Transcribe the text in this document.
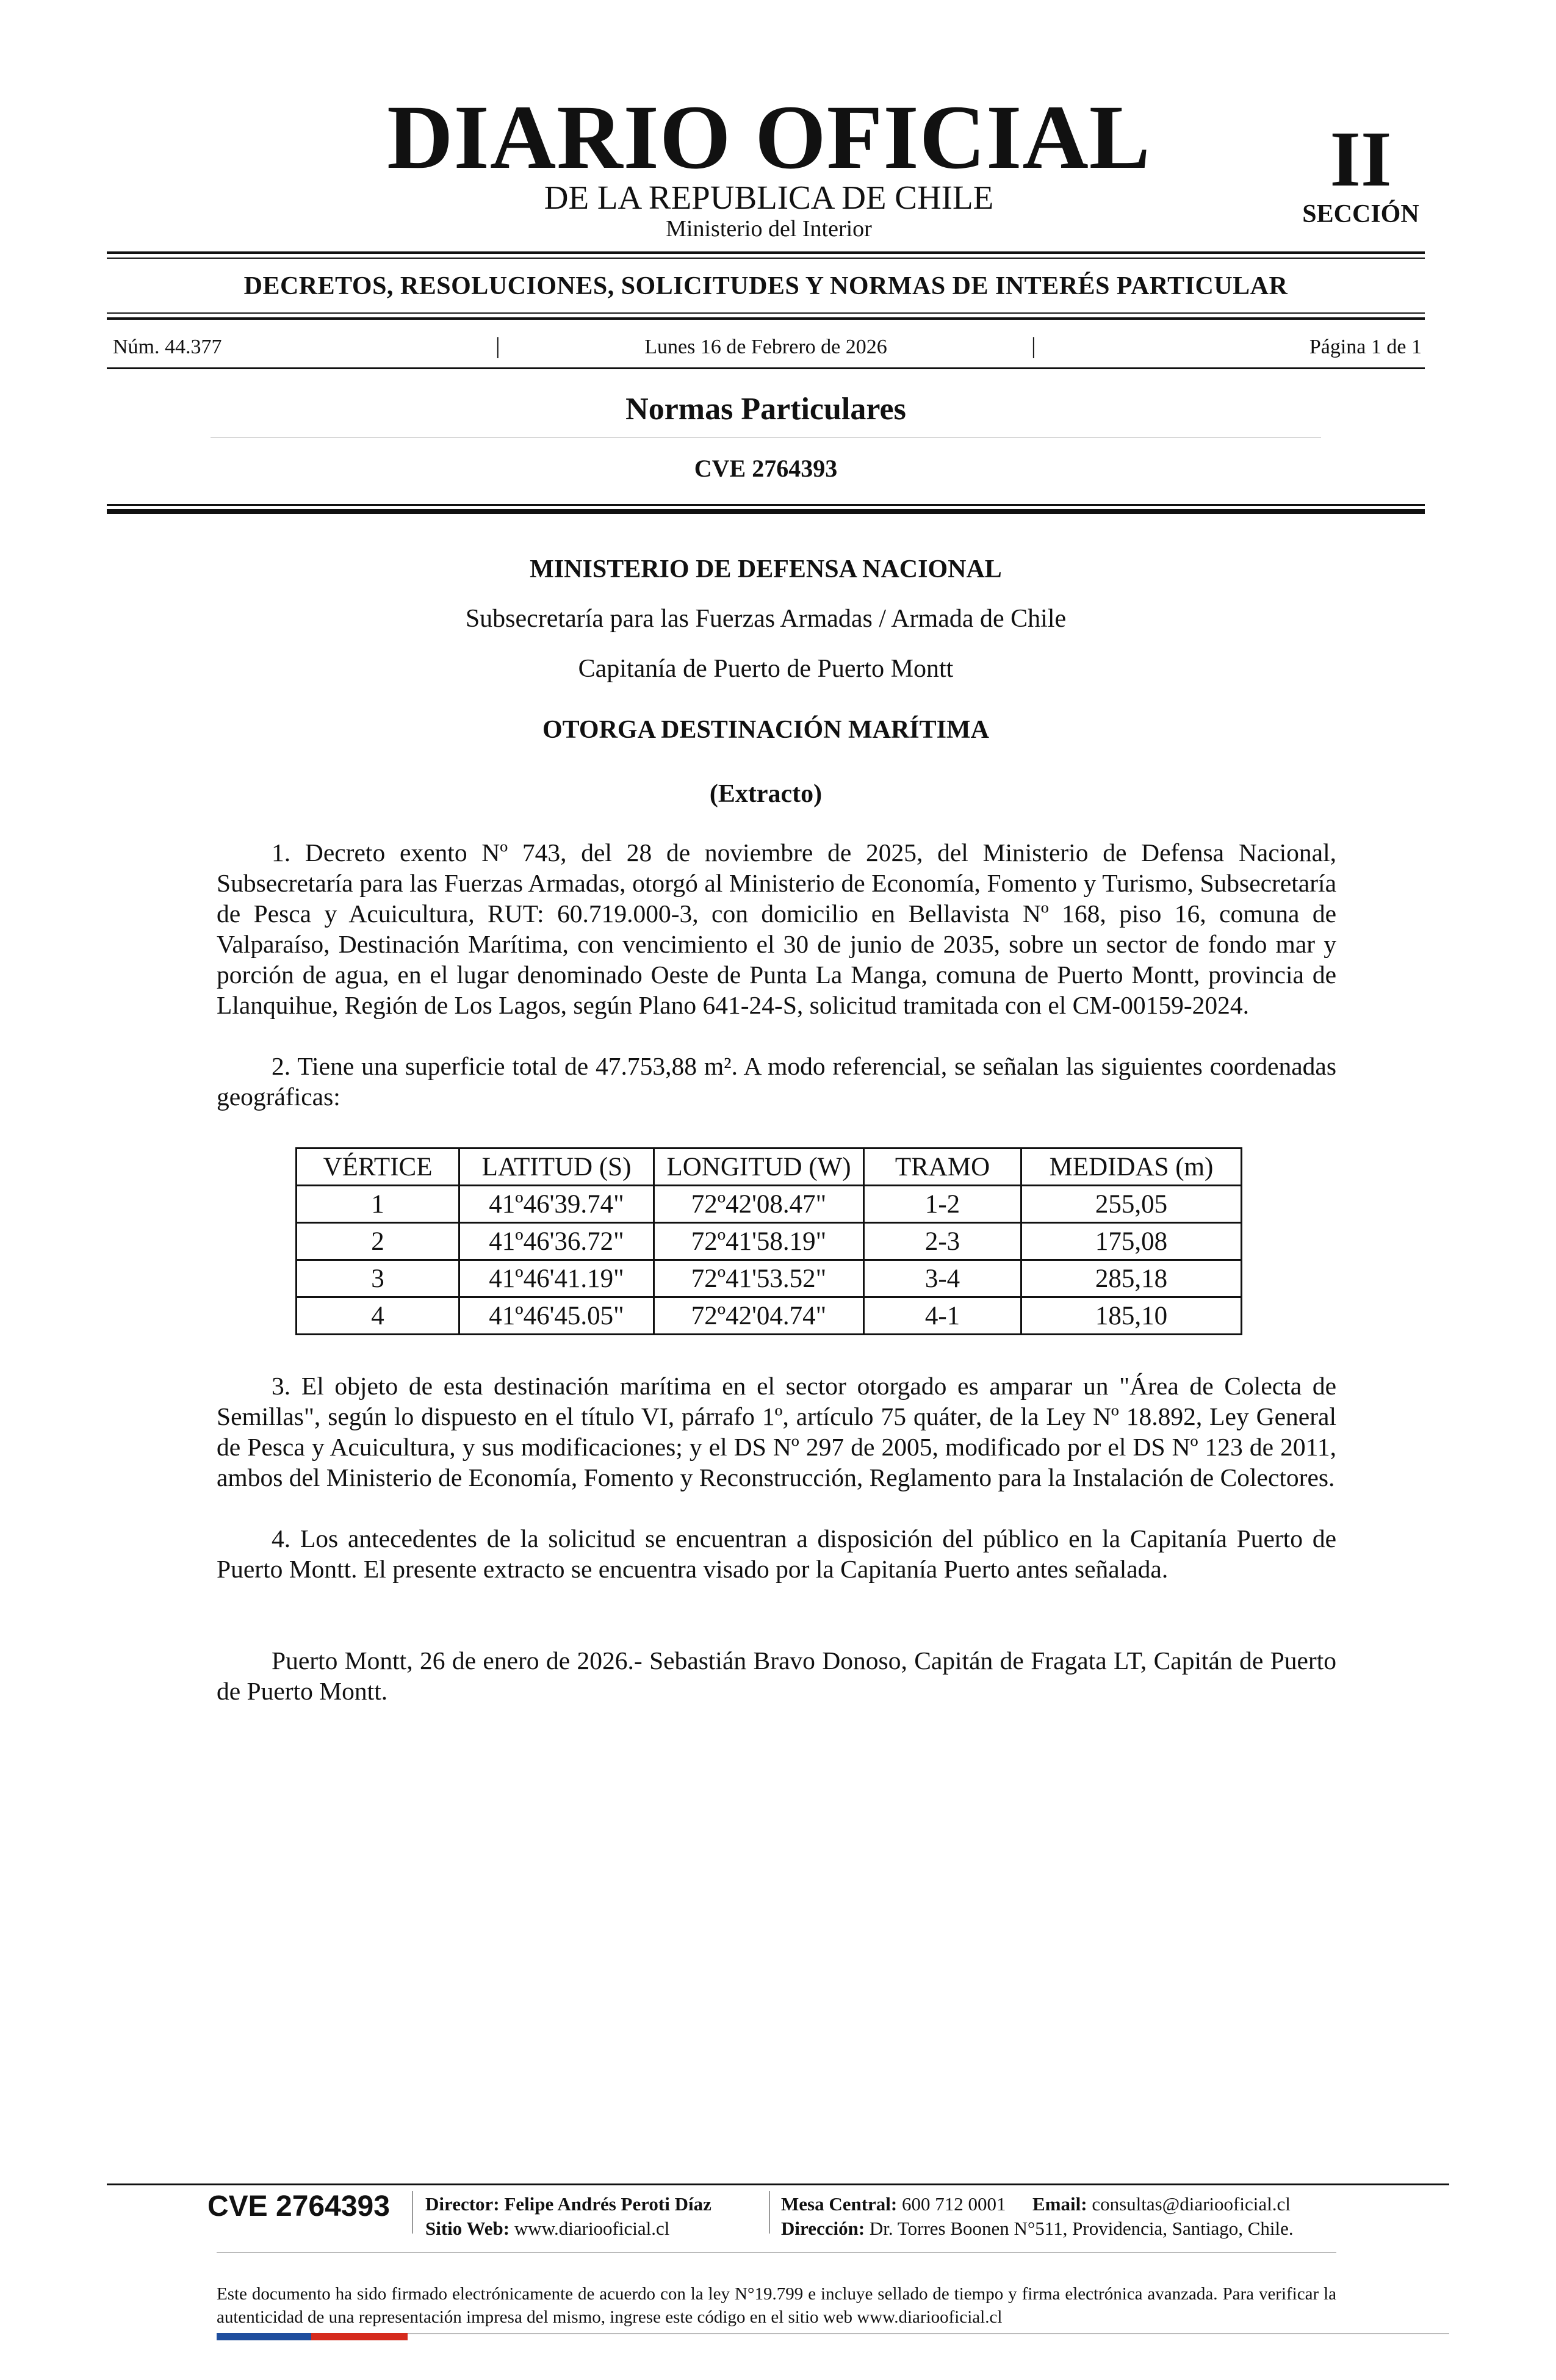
DIARIO OFICIAL
DE LA REPUBLICA DE CHILE
Ministerio del Interior
II
SECCIÓN
DECRETOS, RESOLUCIONES, SOLICITUDES Y NORMAS DE INTERÉS PARTICULAR
Núm. 44.377	|	Lunes 16 de Febrero de 2026	|	Página 1 de 1
Normas Particulares
CVE 2764393
MINISTERIO DE DEFENSA NACIONAL
Subsecretaría para las Fuerzas Armadas / Armada de Chile
Capitanía de Puerto de Puerto Montt
OTORGA DESTINACIÓN MARÍTIMA
(Extracto)
1. Decreto exento Nº 743, del 28 de noviembre de 2025, del Ministerio de Defensa Nacional, Subsecretaría para las Fuerzas Armadas, otorgó al Ministerio de Economía, Fomento y Turismo, Subsecretaría de Pesca y Acuicultura, RUT: 60.719.000-3, con domicilio en Bellavista Nº 168, piso 16, comuna de Valparaíso, Destinación Marítima, con vencimiento el 30 de junio de 2035, sobre un sector de fondo mar y porción de agua, en el lugar denominado Oeste de Punta La Manga, comuna de Puerto Montt, provincia de Llanquihue, Región de Los Lagos, según Plano 641-24-S, solicitud tramitada con el CM-00159-2024.
2. Tiene una superficie total de 47.753,88 m². A modo referencial, se señalan las siguientes coordenadas geográficas:
VÉRTICE	LATITUD (S)	LONGITUD (W)	TRAMO	MEDIDAS (m)
1	41º46'39.74"	72º42'08.47"	1-2	255,05
2	41º46'36.72"	72º41'58.19"	2-3	175,08
3	41º46'41.19"	72º41'53.52"	3-4	285,18
4	41º46'45.05"	72º42'04.74"	4-1	185,10
3. El objeto de esta destinación marítima en el sector otorgado es amparar un "Área de Colecta de Semillas", según lo dispuesto en el título VI, párrafo 1º, artículo 75 quáter, de la Ley Nº 18.892, Ley General de Pesca y Acuicultura, y sus modificaciones; y el DS Nº 297 de 2005, modificado por el DS Nº 123 de 2011, ambos del Ministerio de Economía, Fomento y Reconstrucción, Reglamento para la Instalación de Colectores.
4. Los antecedentes de la solicitud se encuentran a disposición del público en la Capitanía Puerto de Puerto Montt. El presente extracto se encuentra visado por la Capitanía Puerto antes señalada.
Puerto Montt, 26 de enero de 2026.- Sebastián Bravo Donoso, Capitán de Fragata LT, Capitán de Puerto de Puerto Montt.
CVE 2764393 Director: Felipe Andrés Peroti Díaz
Sitio Web: www.diariooficial.cl
Mesa Central: 600 712 0001 Email: consultas@diariooficial.cl
Dirección: Dr. Torres Boonen N°511, Providencia, Santiago, Chile.
Este documento ha sido firmado electrónicamente de acuerdo con la ley N°19.799 e incluye sellado de tiempo y firma electrónica avanzada. Para verificar la autenticidad de una representación impresa del mismo, ingrese este código en el sitio web www.diariooficial.cl
